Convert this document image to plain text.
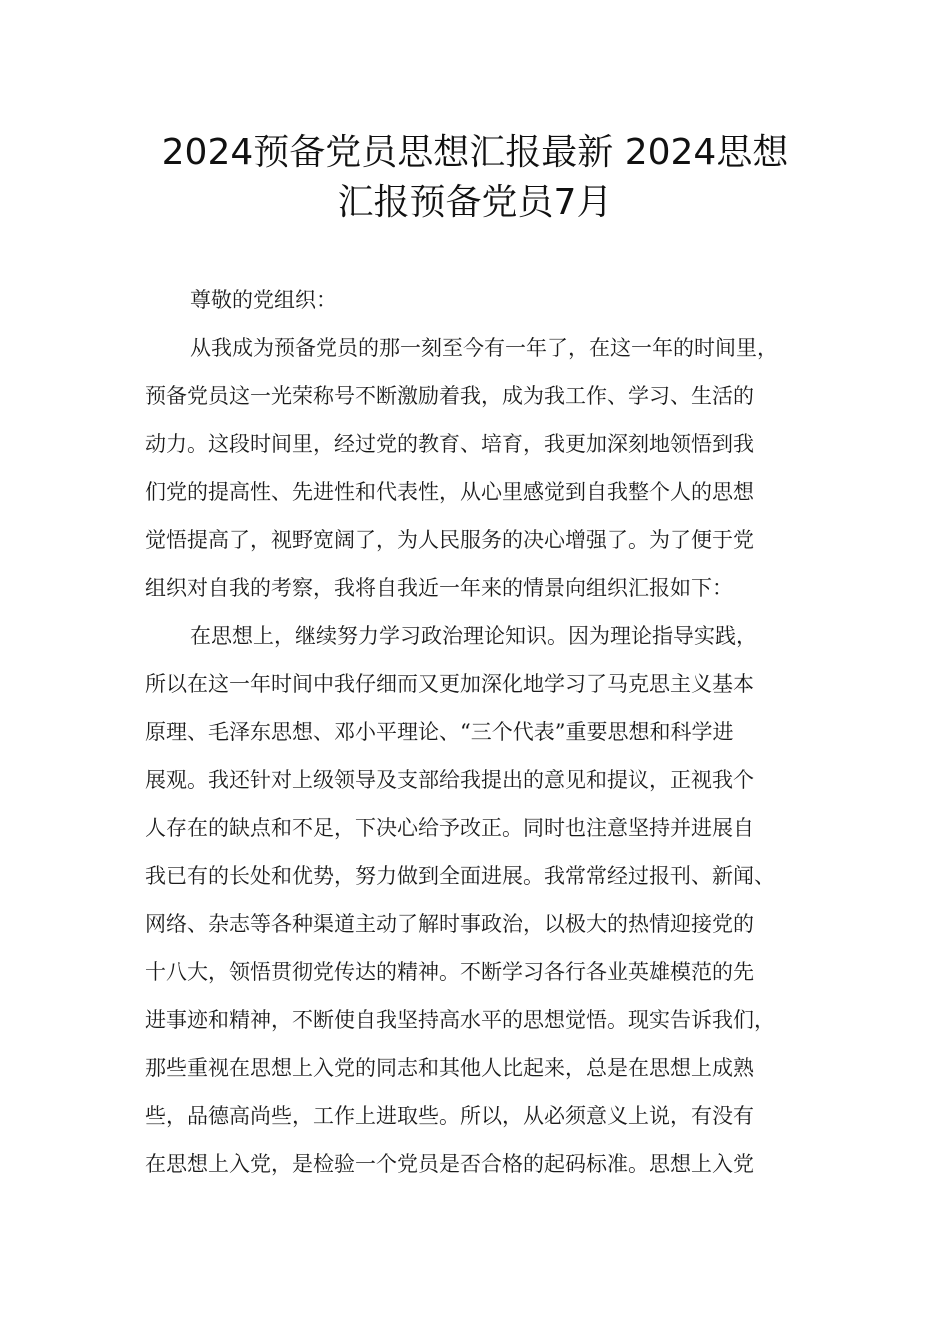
2024预备党员思想汇报最新 2024思想
汇报预备党员7月
尊敬的党组织：
从我成为预备党员的那一刻至今有一年了，在这一年的时间里，
预备党员这一光荣称号不断激励着我，成为我工作、学习、生活的
动力。这段时间里，经过党的教育、培育，我更加深刻地领悟到我
们党的提高性、先进性和代表性，从心里感觉到自我整个人的思想
觉悟提高了，视野宽阔了，为人民服务的决心增强了。为了便于党
组织对自我的考察，我将自我近一年来的情景向组织汇报如下：
在思想上，继续努力学习政治理论知识。因为理论指导实践，
所以在这一年时间中我仔细而又更加深化地学习了马克思主义基本
原理、毛泽东思想、邓小平理论、“三个代表”重要思想和科学进
展观。我还针对上级领导及支部给我提出的意见和提议，正视我个
人存在的缺点和不足，下决心给予改正。同时也注意坚持并进展自
我已有的长处和优势，努力做到全面进展。我常常经过报刊、新闻、
网络、杂志等各种渠道主动了解时事政治，以极大的热情迎接党的
十八大，领悟贯彻党传达的精神。不断学习各行各业英雄模范的先
进事迹和精神，不断使自我坚持高水平的思想觉悟。现实告诉我们，
那些重视在思想上入党的同志和其他人比起来，总是在思想上成熟
些，品德高尚些，工作上进取些。所以，从必须意义上说，有没有
在思想上入党，是检验一个党员是否合格的起码标准。思想上入党
